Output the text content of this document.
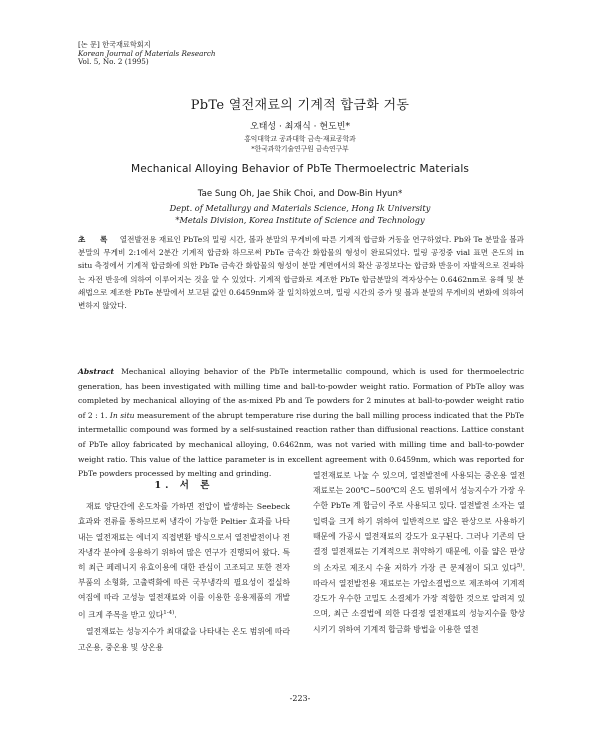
[논 문] 한국재료학회지
Korean Journal of Materials Research
Vol. 5, No. 2 (1995)
PbTe 열전재료의 기계적 합금화 거동
오태성 · 최재식 · 현도빈*
홍익대학교 공과대학 금속·재료공학과
*한국과학기술연구원 금속연구부
Mechanical Alloying Behavior of PbTe Thermoelectric Materials
Tae Sung Oh, Jae Shik Choi, and Dow-Bin Hyun*
Dept. of Metallurgy and Materials Science, Hong Ik University
*Metals Division, Korea Institute of Science and Technology
초 록 열전발전용 재료인 PbTe의 밀링 시간, 볼과 분말의 무게비에 따른 기계적 합금화 거동을 연구하였다. Pb와 Te 분말을 볼과 분말의 무게비 2:1에서 2분간 기계적 합금화 하므로써 PbTe 금속간 화합물의 형성이 완료되었다. 밀링 공정중 vial 표면 온도의 in situ 측정에서 기계적 합금화에 의한 PbTe 금속간 화합물의 형성이 분말 계면에서의 확산 공정보다는 합금화 반응이 자발적으로 진파하는 자전 반응에 의하여 이루어지는 것을 알 수 있었다. 기계적 합금화로 제조한 PbTe 합금분말의 격자상수는 0.6462nm로 융해 및 분쇄법으로 제조한 PbTe 분말에서 보고된 값인 0.6459nm와 잘 일치하였으며, 밀링 시간의 증가 및 볼과 분말의 무게비의 변화에 의하여 변하지 않았다.
Abstract Mechanical alloying behavior of the PbTe intermetallic compound, which is used for thermoelectric generation, has been investigated with milling time and ball-to-powder weight ratio. Formation of PbTe alloy was completed by mechanical alloying of the as-mixed Pb and Te powders for 2 minutes at ball-to-powder weight ratio of 2 : 1. In situ measurement of the abrupt temperature rise during the ball milling process indicated that the PbTe intermetallic compound was formed by a self-sustained reaction rather than diffusional reactions. Lattice constant of PbTe alloy fabricated by mechanical alloying, 0.6462nm, was not varied with milling time and ball-to-powder weight ratio. This value of the lattice parameter is in excellent agreement with 0.6459nm, which was reported for PbTe powders processed by melting and grinding.
1. 서 론

재료 양단간에 온도차를 가하면 전압이 발생하는 Seebeck 효과와 전류를 통하므로써 냉각이 가능한 Peltier 효과를 나타내는 열전재료는 에너지 직접변환 방식으로서 열전발전이나 전자냉각 분야에 응용하기 위하여 많은 연구가 진행되어 왔다. 특히 최근 페레니지 유효이용에 대한 관심이 고조되고 또한 전자 부품의 소형화, 고출력화에 따른 국부냉각의 필요성이 절실하여짐에 따라 고성능 열전재료와 이를 이용한 응용제품의 개발이 크게 주목을 받고 있다$^{1-4)}$.

열전재료는 성능지수가 최대값을 나타내는 온도 범위에 따라 고온용, 중온용 및 상온용

열전재료로 나눌 수 있으며, 열전발전에 사용되는 중온용 열전재료로는 200℃~500℃의 온도 범위에서 성능지수가 가장 우수한 PbTe 계 합금이 주로 사용되고 있다. 열전발전 소자는 열입력을 크게 하기 위하여 일반적으로 얇은 판상으로 사용하기 때문에 가공시 열전재료의 강도가 요구된다. 그러나 기존의 단결정 열전재료는 기계적으로 취약하기 때문에, 이를 얇은 판상의 소자로 제조시 수율 저하가 가장 큰 문제점이 되고 있다$^{5)}$. 따라서 열전발전용 재료로는 가압소결법으로 제조하여 기계적 강도가 우수한 고밀도 소결체가 가장 적합한 것으로 알려져 있으며, 최근 소결법에 의한 다결정 열전재료의 성능지수를 향상시키기 위하여 기계적 합금화 방법을 이용한 열전

-223-
